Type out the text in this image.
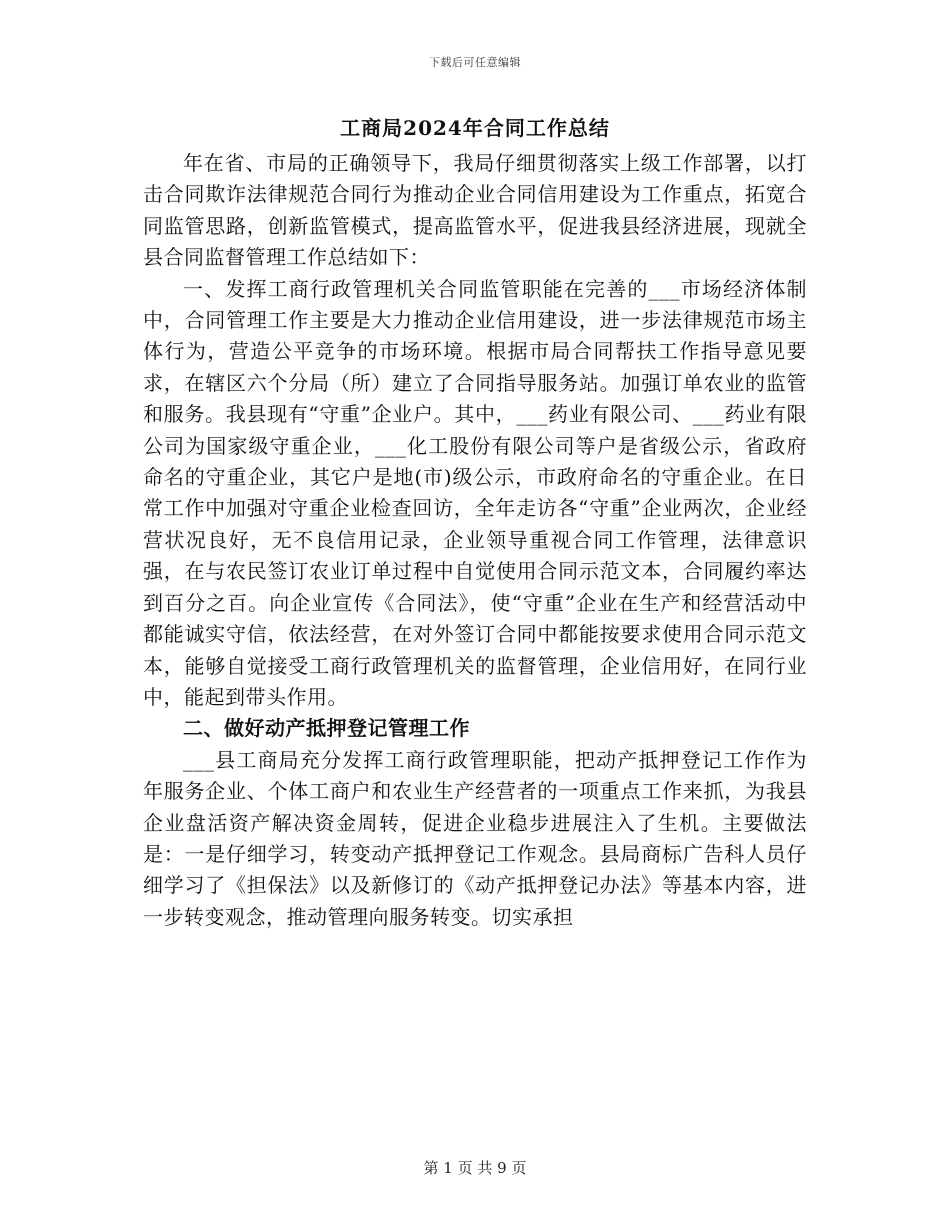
下载后可任意编辑
工商局2024年合同工作总结

年在省、市局的正确领导下，我局仔细贯彻落实上级工作部署，以打击合同欺诈法律规范合同行为推动企业合同信用建设为工作重点，拓宽合同监管思路，创新监管模式，提高监管水平，促进我县经济进展，现就全县合同监督管理工作总结如下：

一、发挥工商行政管理机关合同监管职能在完善的___市场经济体制中，合同管理工作主要是大力推动企业信用建设，进一步法律规范市场主体行为，营造公平竞争的市场环境。根据市局合同帮扶工作指导意见要求，在辖区六个分局（所）建立了合同指导服务站。加强订单农业的监管和服务。我县现有“守重”企业户。其中，___药业有限公司、___药业有限公司为国家级守重企业，___化工股份有限公司等户是省级公示，省政府命名的守重企业，其它户是地(市)级公示，市政府命名的守重企业。在日常工作中加强对守重企业检查回访，全年走访各“守重”企业两次，企业经营状况良好，无不良信用记录，企业领导重视合同工作管理，法律意识强，在与农民签订农业订单过程中自觉使用合同示范文本，合同履约率达到百分之百。向企业宣传《合同法》，使“守重”企业在生产和经营活动中都能诚实守信，依法经营，在对外签订合同中都能按要求使用合同示范文本，能够自觉接受工商行政管理机关的监督管理，企业信用好，在同行业中，能起到带头作用。

二、做好动产抵押登记管理工作

___县工商局充分发挥工商行政管理职能，把动产抵押登记工作作为年服务企业、个体工商户和农业生产经营者的一项重点工作来抓，为我县企业盘活资产解决资金周转，促进企业稳步进展注入了生机。主要做法是：一是仔细学习，转变动产抵押登记工作观念。县局商标广告科人员仔细学习了《担保法》以及新修订的《动产抵押登记办法》等基本内容，进一步转变观念，推动管理向服务转变。切实承担

第 1 页 共 9 页
